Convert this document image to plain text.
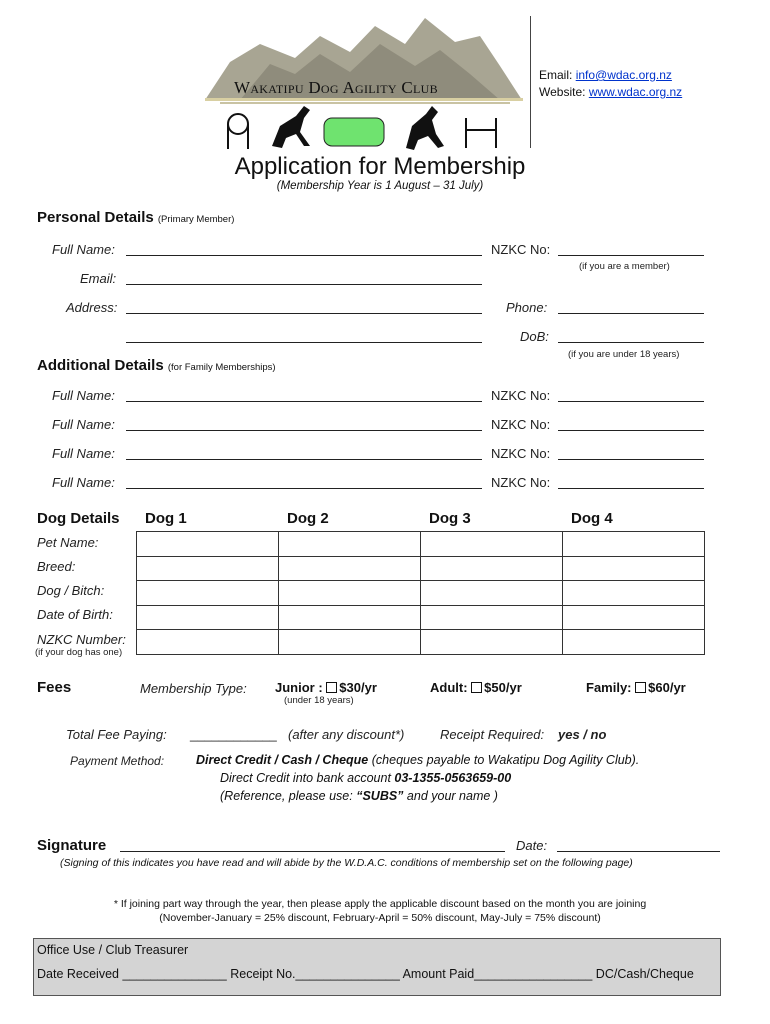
Wakatipu Dog Agility Club
Email: info@wdac.org.nz
Website: www.wdac.org.nz
Application for Membership
(Membership Year is 1 August – 31 July)
Personal Details (Primary Member)
Full Name:	NZKC No:
(if you are a member)
Email:
Address:	Phone:
DoB:
(if you are under 18 years)
Additional Details (for Family Memberships)
Full Name:	NZKC No:
Full Name:	NZKC No:
Full Name:	NZKC No:
Full Name:	NZKC No:
Dog Details Dog 1	Dog 2	Dog 3	Dog 4
Pet Name:
Breed:
Dog / Bitch:
Date of Birth:
NZKC Number:
(if your dog has one)

Fees	Membership Type: Junior : $30/yr
(under 18 years)
Adult: $50/yr	Family: $60/yr
Total Fee Paying: ____________ (after any discount*)	Receipt Required: yes / no
Payment Method:	Direct Credit / Cash / Cheque (cheques payable to Wakatipu Dog Agility Club).
Direct Credit into bank account 03-1355-0563659-00
(Reference, please use: “SUBS” and your name )
Signature	Date:
(Signing of this indicates you have read and will abide by the W.D.A.C. conditions of membership set on the following page)
* If joining part way through the year, then please apply the applicable discount based on the month you are joining
(November-January = 25% discount, February-April = 50% discount, May-July = 75% discount)
Office Use / Club Treasurer
Date Received _______________ Receipt No._______________ Amount Paid_________________ DC/Cash/Cheque
